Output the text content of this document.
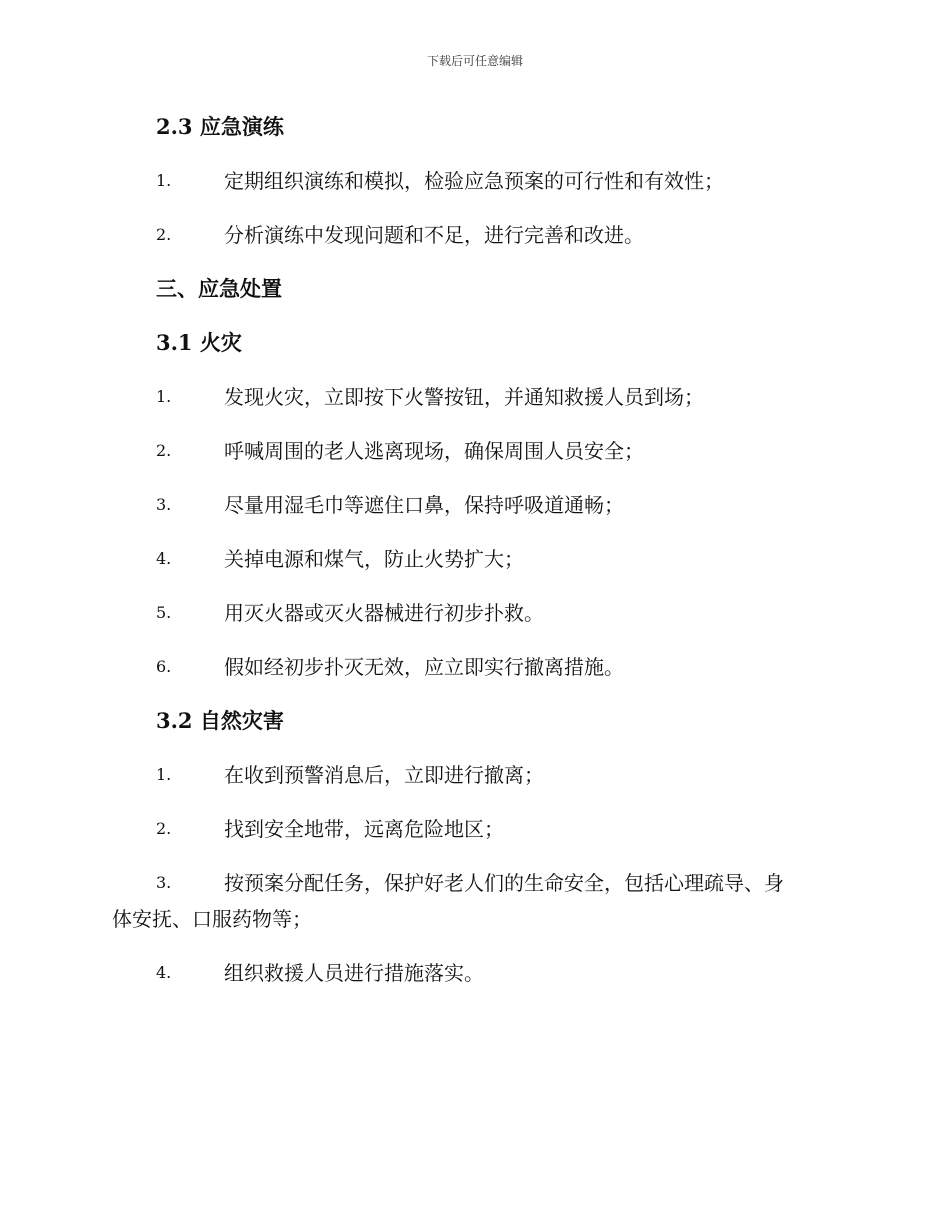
下载后可任意编辑
2.3 应急演练
1.	定期组织演练和模拟，检验应急预案的可行性和有效性；
2.	分析演练中发现问题和不足，进行完善和改进。
三、应急处置
3.1 火灾
1.	发现火灾，立即按下火警按钮，并通知救援人员到场；
2.	呼喊周围的老人逃离现场，确保周围人员安全；
3.	尽量用湿毛巾等遮住口鼻，保持呼吸道通畅；
4.	关掉电源和煤气，防止火势扩大；
5.	用灭火器或灭火器械进行初步扑救。
6.	假如经初步扑灭无效，应立即实行撤离措施。
3.2 自然灾害
1.	在收到预警消息后，立即进行撤离；
2.	找到安全地带，远离危险地区；
3.	按预案分配任务，保护好老人们的生命安全，包括心理疏导、身
体安抚、口服药物等；
4.	组织救援人员进行措施落实。
